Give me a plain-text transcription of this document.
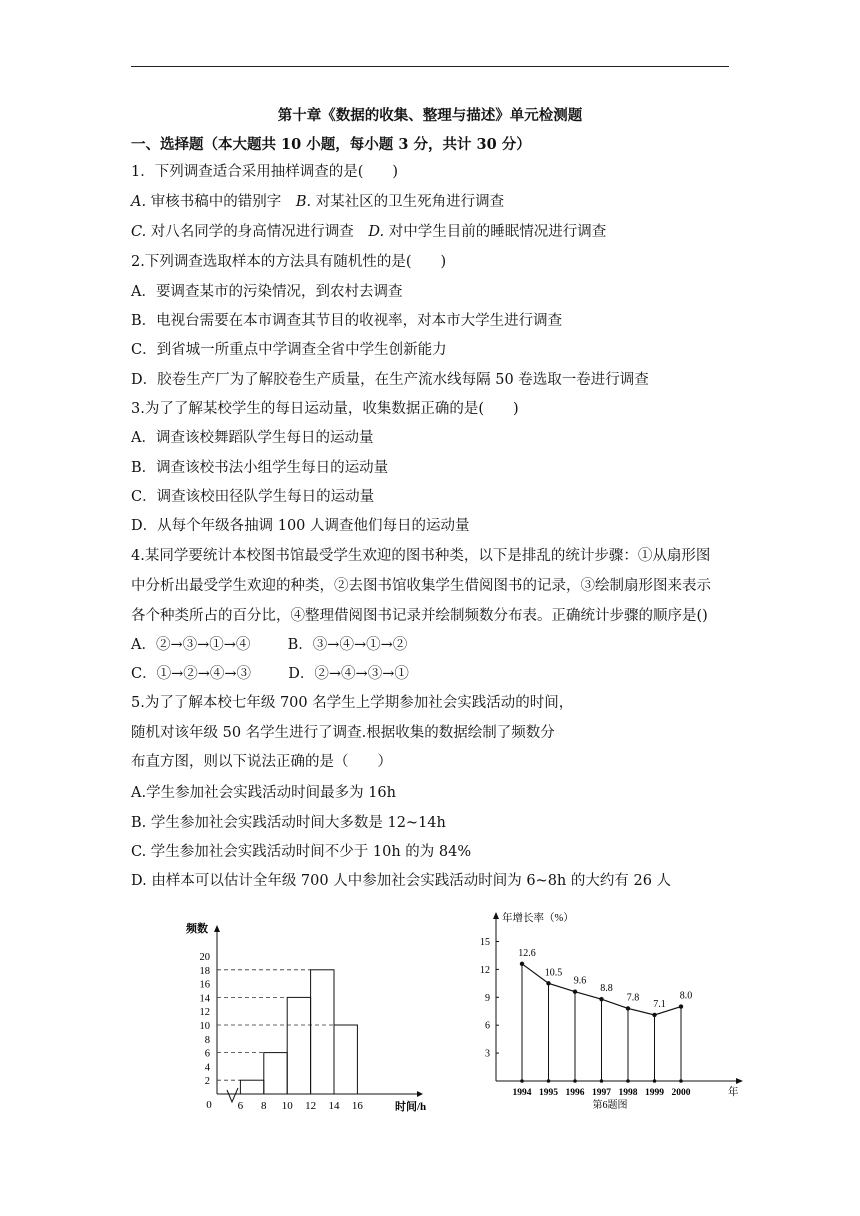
第十章《数据的收集、整理与描述》单元检测题
一、选择题（本大题共 10 小题，每小题 3 分，共计 30 分）
1．下列调查适合采用抽样调查的是(　　)
A. 审核书稿中的错别字 B. 对某社区的卫生死角进行调查
C. 对八名同学的身高情况进行调查 D. 对中学生目前的睡眠情况进行调查
2.下列调查选取样本的方法具有随机性的是(　　)
A．要调查某市的污染情况，到农村去调查
B．电视台需要在本市调查其节目的收视率，对本市大学生进行调查
C．到省城一所重点中学调查全省中学生创新能力
D．胶卷生产厂为了解胶卷生产质量，在生产流水线每隔 50 卷选取一卷进行调查
3.为了了解某校学生的每日运动量，收集数据正确的是(　　)
A．调查该校舞蹈队学生每日的运动量
B．调查该校书法小组学生每日的运动量
C．调查该校田径队学生每日的运动量
D．从每个年级各抽调 100 人调查他们每日的运动量
4.某同学要统计本校图书馆最受学生欢迎的图书种类，以下是排乱的统计步骤：①从扇形图
中分析出最受学生欢迎的种类，②去图书馆收集学生借阅图书的记录，③绘制扇形图来表示
各个种类所占的百分比，④整理借阅图书记录并绘制频数分布表。正确统计步骤的顺序是()
A．②→③→①→④	B．③→④→①→②
C．①→②→④→③	D．②→④→③→①
5.为了了解本校七年级 700 名学生上学期参加社会实践活动的时间，
随机对该年级 50 名学生进行了调查.根据收集的数据绘制了频数分
布直方图，则以下说法正确的是（　　）
A.学生参加社会实践活动时间最多为 16h
B. 学生参加社会实践活动时间大多数是 12~14h
C. 学生参加社会实践活动时间不少于 10h 的为 84%
D. 由样本可以估计全年级 700 人中参加社会实践活动时间为 6~8h 的大约有 26 人
2
4
6
8
10
12
14
16
18
20
0 6 8 10 12 14 16
频数
时间/h
3
6
9
12
15
12.6
10.5
9.6
8.8
7.8
7.1
8.0
1994 1995 1996 1997 1998 1999 2000
年增长率（%）
年
第6题图
